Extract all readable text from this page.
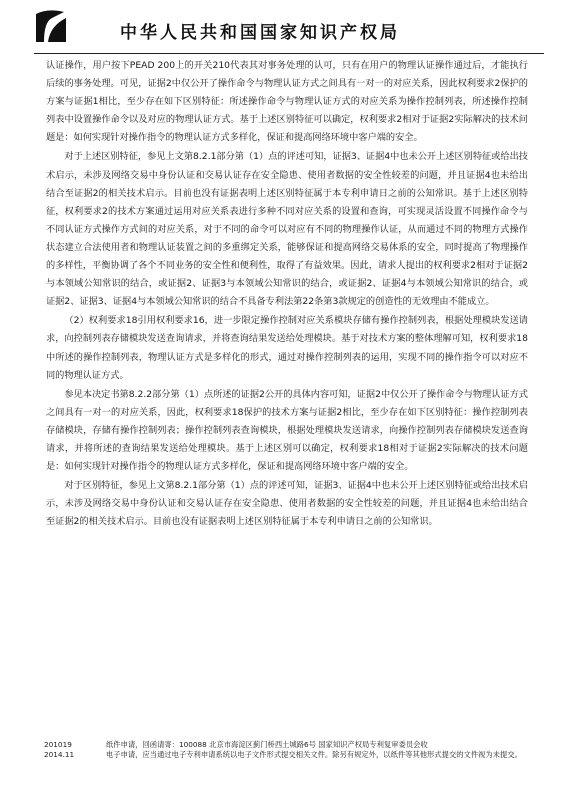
中华人民共和国国家知识产权局

认证操作，用户按下PEAD 200上的开关210代表其对事务处理的认可，只有在用户的物理认证操作通过后，才能执行后续的事务处理。可见，证据2中仅公开了操作命令与物理认证方式之间具有一对一的对应关系，因此权利要求2保护的方案与证据1相比，至少存在如下区别特征：所述操作命令与物理认证方式的对应关系为操作控制列表，所述操作控制列表中设置操作命令以及对应的物理认证方式。基于上述区别特征可以确定，权利要求2相对于证据2实际解决的技术问题是：如何实现针对操作指令的物理认证方式多样化，保证和提高网络环境中客户端的安全。

对于上述区别特征，参见上文第8.2.1部分第（1）点的评述可知，证据3、证据4中也未公开上述区别特征或给出技术启示，未涉及网络交易中身份认证和交易认证存在安全隐患、使用者数据的安全性较差的问题，并且证据4也未给出结合至证据2的相关技术启示。目前也没有证据表明上述区别特征属于本专利申请日之前的公知常识。基于上述区别特征，权利要求2的技术方案通过运用对应关系表进行多种不同对应关系的设置和查询，可实现灵活设置不同操作命令与不同认证方式操作方式间的对应关系，对于不同的命令可以对应有不同的物理操作认证，从而通过不同的物理方式操作状态建立合法使用者和物理认证装置之间的多重绑定关系，能够保证和提高网络交易体系的安全，同时提高了物理操作的多样性，平衡协调了各个不同业务的安全性和便利性，取得了有益效果。因此，请求人提出的权利要求2相对于证据2与本领域公知常识的结合，或证据2、证据3与本领域公知常识的结合，或证据2、证据4与本领域公知常识的结合，或证据2、证据3、证据4与本领域公知常识的结合不具备专利法第22条第3款规定的创造性的无效理由不能成立。

（2）权利要求18引用权利要求16，进一步限定操作控制对应关系模块存储有操作控制列表，根据处理模块发送请求，向控制列表存储模块发送查询请求，并将查询结果发送给处理模块。基于对技术方案的整体理解可知，权利要求18中所述的操作控制列表，物理认证方式是多样化的形式，通过对操作控制列表的运用，实现不同的操作指令可以对应不同的物理认证方式。

参见本决定书第8.2.2部分第（1）点所述的证据2公开的具体内容可知，证据2中仅公开了操作命令与物理认证方式之间具有一对一的对应关系，因此，权利要求18保护的技术方案与证据2相比，至少存在如下区别特征：操作控制列表存储模块，存储有操作控制列表；操作控制列表查询模块，根据处理模块发送请求，向操作控制列表存储模块发送查询请求，并将所述的查询结果发送给处理模块。基于上述区别可以确定，权利要求18相对于证据2实际解决的技术问题是：如何实现针对操作指令的物理认证方式多样化，保证和提高网络环境中客户端的安全。

对于区别特征，参见上文第8.2.1部分第（1）点的评述可知，证据3、证据4中也未公开上述区别特征或给出技术启示，未涉及网络交易中身份认证和交易认证存在安全隐患、使用者数据的安全性较差的问题，并且证据4也未给出结合至证据2的相关技术启示。目前也没有证据表明上述区别特征属于本专利申请日之前的公知常识。

201019	纸件申请，回函请寄：100088 北京市海淀区蓟门桥西土城路6号 国家知识产权局专利复审委员会收
2014.11	电子申请，应当通过电子专利申请系统以电子文件形式提交相关文件。除另有规定外，以纸件等其他形式提交的文件视为未提交。
